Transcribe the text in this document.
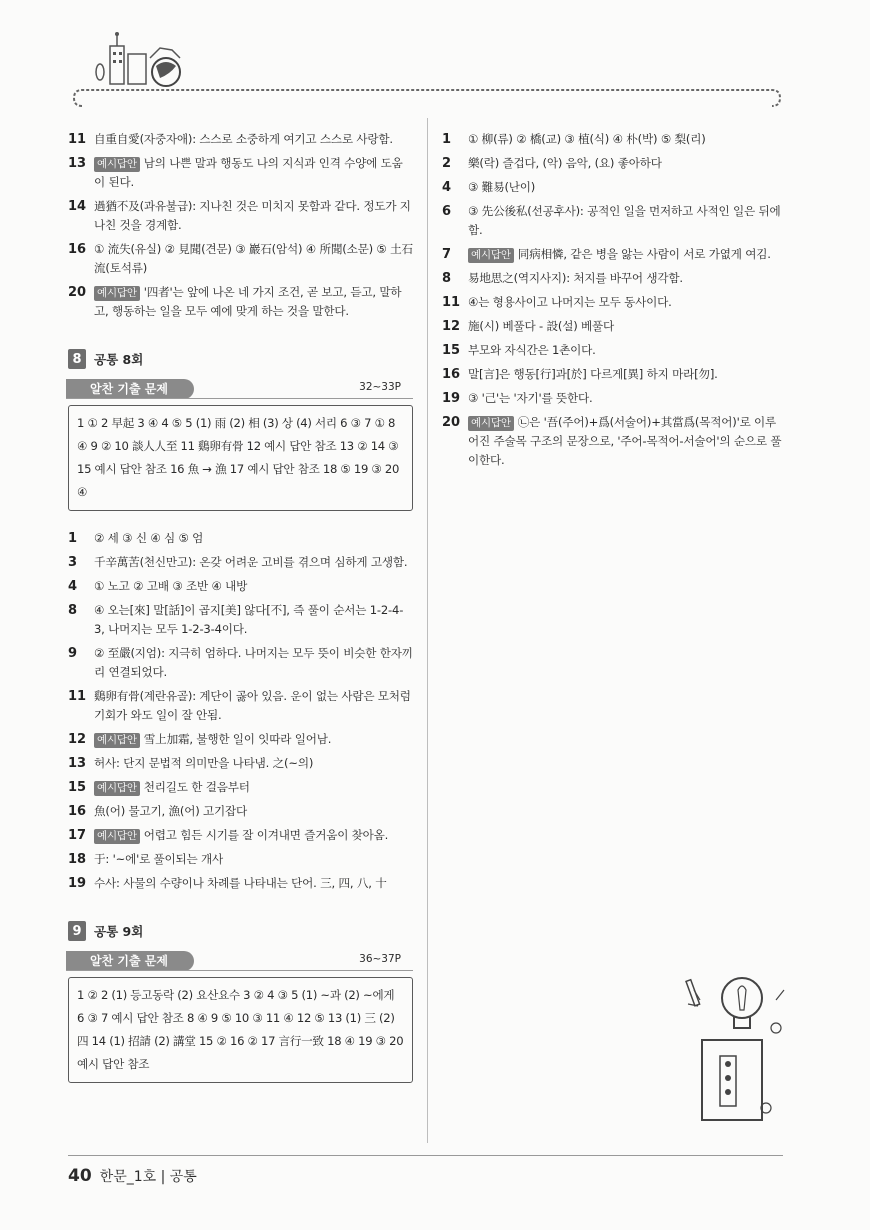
11 自重自愛(자중자애): 스스로 소중하게 여기고 스스로 사랑함.
13	예시답안 남의 나쁜 말과 행동도 나의 지식과 인격 수양에 도움이 된다.
14 過猶不及(과유불급): 지나친 것은 미치지 못함과 같다. 정도가 지나친 것을 경계함.
16 ① 流失(유실) ② 見聞(견문) ③ 巖石(암석) ④ 所聞(소문) ⑤ 土石流(토석류)
20	예시답안 '四者'는 앞에 나온 네 가지 조건, 곧 보고, 듣고, 말하고, 행동하는 일을 모두 예에 맞게 하는 것을 말한다.
8 공통 8회
알찬 기출 문제	32~33P
1 ① 2 早起 3 ④ 4 ⑤ 5 (1) 雨 (2) 相 (3) 상 (4) 서리 6 ③ 7 ① 8 ④ 9 ② 10 談人人至 11 鷄卵有骨 12 예시 답안 참조 13 ② 14 ③ 15 예시 답안 참조 16 魚 → 漁 17 예시 답안 참조 18 ⑤ 19 ③ 20 ④
1	② 세 ③ 신 ④ 심 ⑤ 엄
3	千辛萬苦(천신만고): 온갖 어려운 고비를 겪으며 심하게 고생함.
4	① 노고 ② 고배 ③ 조반 ④ 내방
8	④ 오는[來] 말[話]이 곱지[美] 않다[不], 즉 풀이 순서는 1-2-4-3, 나머지는 모두 1-2-3-4이다.
9	② 至嚴(지엄): 지극히 엄하다. 나머지는 모두 뜻이 비슷한 한자끼리 연결되었다.
11 鷄卵有骨(계란유골): 계단이 곯아 있음. 운이 없는 사람은 모처럼 기회가 와도 일이 잘 안됨.
12	예시답안 雪上加霜, 불행한 일이 잇따라 일어남.
13 허사: 단지 문법적 의미만을 나타냄. 之(~의)
15	예시답안 천리길도 한 걸음부터
16 魚(어) 물고기, 漁(어) 고기잡다
17	예시답안 어렵고 힘든 시기를 잘 이겨내면 즐거움이 찾아옴.
18 于: '~에'로 풀이되는 개사
19 수사: 사물의 수량이나 차례를 나타내는 단어. 三, 四, 八, 十
9 공통 9회
알찬 기출 문제	36~37P
1 ② 2 (1) 등고동락 (2) 요산요수 3 ② 4 ③ 5 (1) ~과 (2) ~에게 6 ③ 7 예시 답안 참조 8 ④ 9 ⑤ 10 ③ 11 ④ 12 ⑤ 13 (1) 三 (2) 四 14 (1) 招請 (2) 講堂 15 ② 16 ② 17 言行一致 18 ④ 19 ③ 20 예시 답안 참조
1	① 柳(류) ② 橋(교) ③ 植(식) ④ 朴(박) ⑤ 梨(리)
2	樂(락) 즐겁다, (악) 음악, (요) 좋아하다
4	③ 難易(난이)
6	③ 先公後私(선공후사): 공적인 일을 먼저하고 사적인 일은 뒤에 함.
7	예시답안 同病相憐, 같은 병을 앓는 사람이 서로 가엾게 여김.
8	易地思之(역지사지): 처지를 바꾸어 생각함.
11 ④는 형용사이고 나머지는 모두 동사이다.
12 施(시) 베풀다 - 設(설) 베풀다
15 부모와 자식간은 1촌이다.
16 말[言]은 행동[行]과[於] 다르게[異] 하지 마라[勿].
19 ③ '己'는 '자기'를 뜻한다.
20	예시답안 ㉡은 '吾(주어)+爲(서술어)+其當爲(목적어)'로 이루어진 주술목 구조의 문장으로, '주어-목적어-서술어'의 순으로 풀이한다.
40 한문_1호 | 공통
